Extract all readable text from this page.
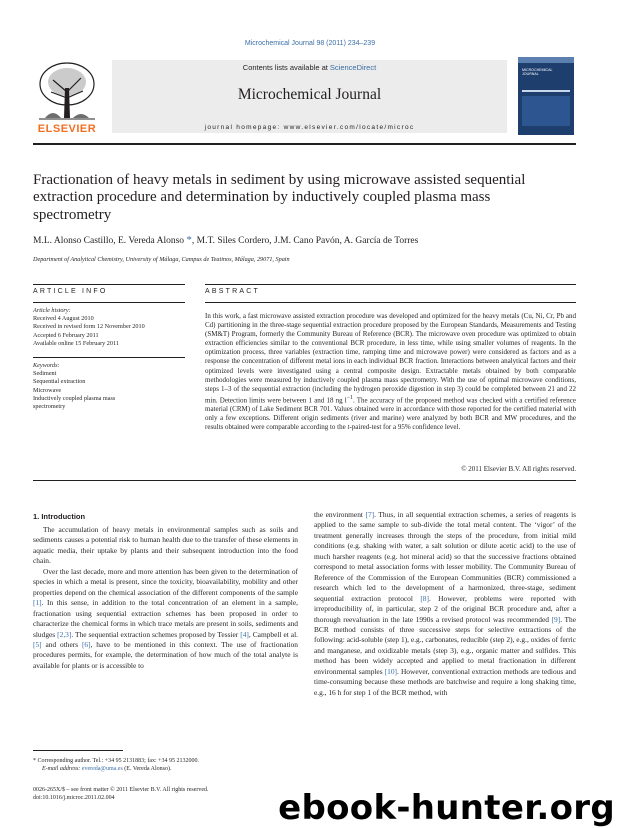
Microchemical Journal 98 (2011) 234–239
ELSEVIER
Contents lists available at ScienceDirect
Microchemical Journal
journal homepage: www.elsevier.com/locate/microc
MICROCHEMICAL JOURNAL
Fractionation of heavy metals in sediment by using microwave assisted sequential extraction procedure and determination by inductively coupled plasma mass spectrometry
M.L. Alonso Castillo, E. Vereda Alonso *, M.T. Siles Cordero, J.M. Cano Pavón, A. García de Torres
Department of Analytical Chemistry, University of Málaga, Campus de Teatinos, Málaga, 29071, Spain
ARTICLE INFO
Article history:
Received 4 August 2010
Received in revised form 12 November 2010
Accepted 6 February 2011
Available online 15 February 2011
Keywords:
Sediment
Sequential extraction
Microwave
Inductively coupled plasma mass
spectrometry
ABSTRACT
In this work, a fast microwave assisted extraction procedure was developed and optimized for the heavy metals (Cu, Ni, Cr, Pb and Cd) partitioning in the three-stage sequential extraction procedure proposed by the European Standards, Measurements and Testing (SM&T) Program, formerly the Community Bureau of Reference (BCR). The microwave oven procedure was optimized to obtain extraction efficiencies similar to the conventional BCR procedure, in less time, while using smaller volumes of reagents. In the optimization process, three variables (extraction time, ramping time and microwave power) were considered as factors and as a response the concentration of different metal ions in each individual BCR fraction. Interactions between analytical factors and their optimized levels were investigated using a central composite design. Extractable metals obtained by both comparable methodologies were measured by inductively coupled plasma mass spectrometry. With the use of optimal microwave conditions, steps 1–3 of the sequential extraction (including the hydrogen peroxide digestion in step 3) could be completed between 21 and 22 min. Detection limits were between 1 and 18 ng $l^{-1}$. The accuracy of the proposed method was checked with a certified reference material (CRM) of Lake Sediment BCR 701. Values obtained were in accordance with those reported for the certified material with only a few exceptions. Different origin sediments (river and marine) were analyzed by both BCR and MW procedures, and the results obtained were comparable according to the t-paired-test for a 95% confidence level.
© 2011 Elsevier B.V. All rights reserved.
1. Introduction

The accumulation of heavy metals in environmental samples such as soils and sediments causes a potential risk to human health due to the transfer of these elements in aquatic media, their uptake by plants and their subsequent introduction into the food chain.

Over the last decade, more and more attention has been given to the determination of species in which a metal is present, since the toxicity, bioavailability, mobility and other properties depend on the chemical association of the different components of the sample [1]. In this sense, in addition to the total concentration of an element in a sample, fractionation using sequential extraction schemes has been proposed in order to characterize the chemical forms in which trace metals are present in soils, sediments and sludges [2,3]. The sequential extraction schemes proposed by Tessier [4], Campbell et al. [5] and others [6], have to be mentioned in this context. The use of fractionation procedures permits, for example, the determination of how much of the total analyte is available for plants or is accessible to

the environment [7]. Thus, in all sequential extraction schemes, a series of reagents is applied to the same sample to sub-divide the total metal content. The ‘vigor’ of the treatment generally increases through the steps of the procedure, from initial mild conditions (e.g. shaking with water, a salt solution or dilute acetic acid) to the use of much harsher reagents (e.g. hot mineral acid) so that the successive fractions obtained correspond to metal association forms with lesser mobility. The Community Bureau of Reference of the Commission of the European Communities (BCR) commissioned a research which led to the development of a harmonized, three-stage, sediment sequential extraction protocol [8]. However, problems were reported with irreproducibility of, in particular, step 2 of the original BCR procedure and, after a thorough reevaluation in the late 1990s a revised protocol was recommended [9]. The BCR method consists of three successive steps for selective extractions of the following: acid-soluble (step 1), e.g., carbonates, reducible (step 2), e.g., oxides of ferric and manganese, and oxidizable metals (step 3), e.g., organic matter and sulfides. This method has been widely accepted and applied to metal fractionation in different environmental samples [10]. However, conventional extraction methods are tedious and time-consuming because these methods are batchwise and require a long shaking time, e.g., 16 h for step 1 of the BCR method, with

* Corresponding author. Tel.: +34 95 2131883; fax: +34 95 2132000.
E-mail address: evereda@uma.es (E. Vereda Alonso).
0026-265X/$ – see front matter © 2011 Elsevier B.V. All rights reserved.
doi:10.1016/j.microc.2011.02.004	ebook-hunter.org
